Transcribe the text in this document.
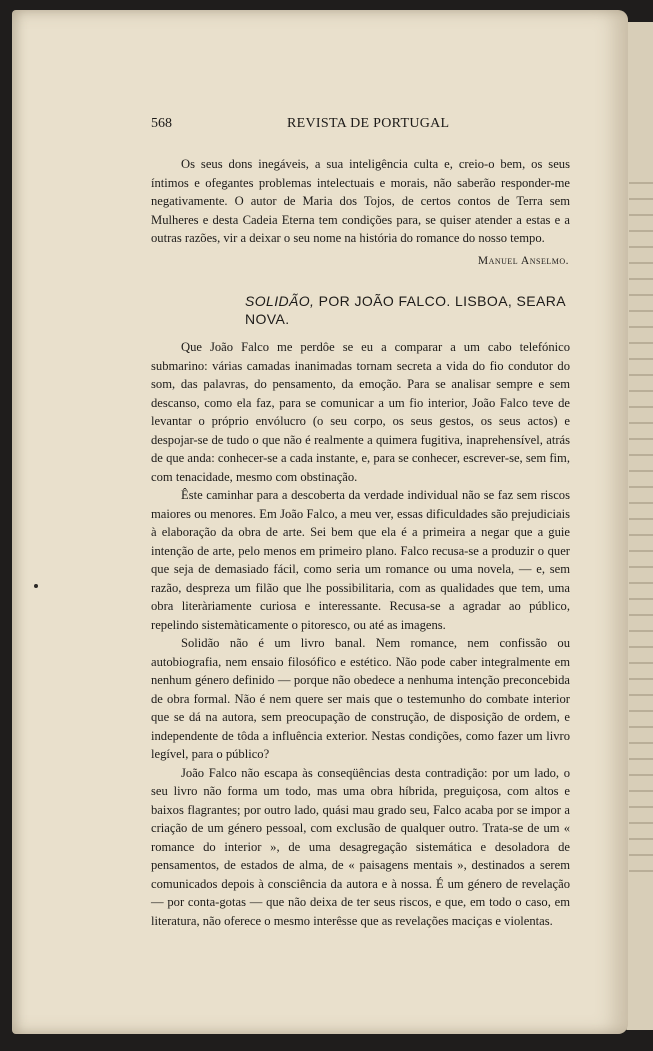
568	REVISTA DE PORTUGAL

Os seus dons inegáveis, a sua inteligência culta e, creio-o bem, os seus íntimos e ofegantes problemas intelectuais e morais, não saberão responder-me negativamente. O autor de Maria dos Tojos, de certos contos de Terra sem Mulheres e desta Cadeia Eterna tem condições para, se quiser atender a estas e a outras razões, vir a deixar o seu nome na história do romance do nosso tempo.

Manuel Anselmo.
SOLIDÃO, POR JOÃO FALCO. LISBOA, SEARA NOVA.

Que João Falco me perdôe se eu a comparar a um cabo telefónico submarino: várias camadas inanimadas tornam secreta a vida do fio condutor do som, das palavras, do pensamento, da emoção. Para se analisar sempre e sem descanso, como ela faz, para se comunicar a um fio interior, João Falco teve de levantar o próprio envólucro (o seu corpo, os seus gestos, os seus actos) e despojar-se de tudo o que não é realmente a quimera fugitiva, inaprehensível, atrás de que anda: conhecer-se a cada instante, e, para se conhecer, escrever-se, sem fim, com tenacidade, mesmo com obstinação.

Êste caminhar para a descoberta da verdade individual não se faz sem riscos maiores ou menores. Em João Falco, a meu ver, essas dificuldades são prejudiciais à elaboração da obra de arte. Sei bem que ela é a primeira a negar que a guie intenção de arte, pelo menos em primeiro plano. Falco recusa-se a produzir o quer que seja de demasiado fácil, como seria um romance ou uma novela, — e, sem razão, despreza um filão que lhe possibilitaria, com as qualidades que tem, uma obra literàriamente curiosa e interessante. Recusa-se a agradar ao público, repelindo sistemàticamente o pitoresco, ou até as imagens.

Solidão não é um livro banal. Nem romance, nem confissão ou autobiografia, nem ensaio filosófico e estético. Não pode caber integralmente em nenhum género definido — porque não obedece a nenhuma intenção preconcebida de obra formal. Não é nem quere ser mais que o testemunho do combate interior que se dá na autora, sem preocupação de construção, de disposição de ordem, e independente de tôda a influência exterior. Nestas condições, como fazer um livro legível, para o público?

João Falco não escapa às conseqüências desta contradição: por um lado, o seu livro não forma um todo, mas uma obra híbrida, preguiçosa, com altos e baixos flagrantes; por outro lado, quási mau grado seu, Falco acaba por se impor a criação de um género pessoal, com exclusão de qualquer outro. Trata-se de um « romance do interior », de uma desagregação sistemática e desoladora de pensamentos, de estados de alma, de « paisagens mentais », destinados a serem comunicados depois à consciência da autora e à nossa. É um género de revelação — por conta-gotas — que não deixa de ter seus riscos, e que, em todo o caso, em literatura, não oferece o mesmo interêsse que as revelações maciças e violentas.
